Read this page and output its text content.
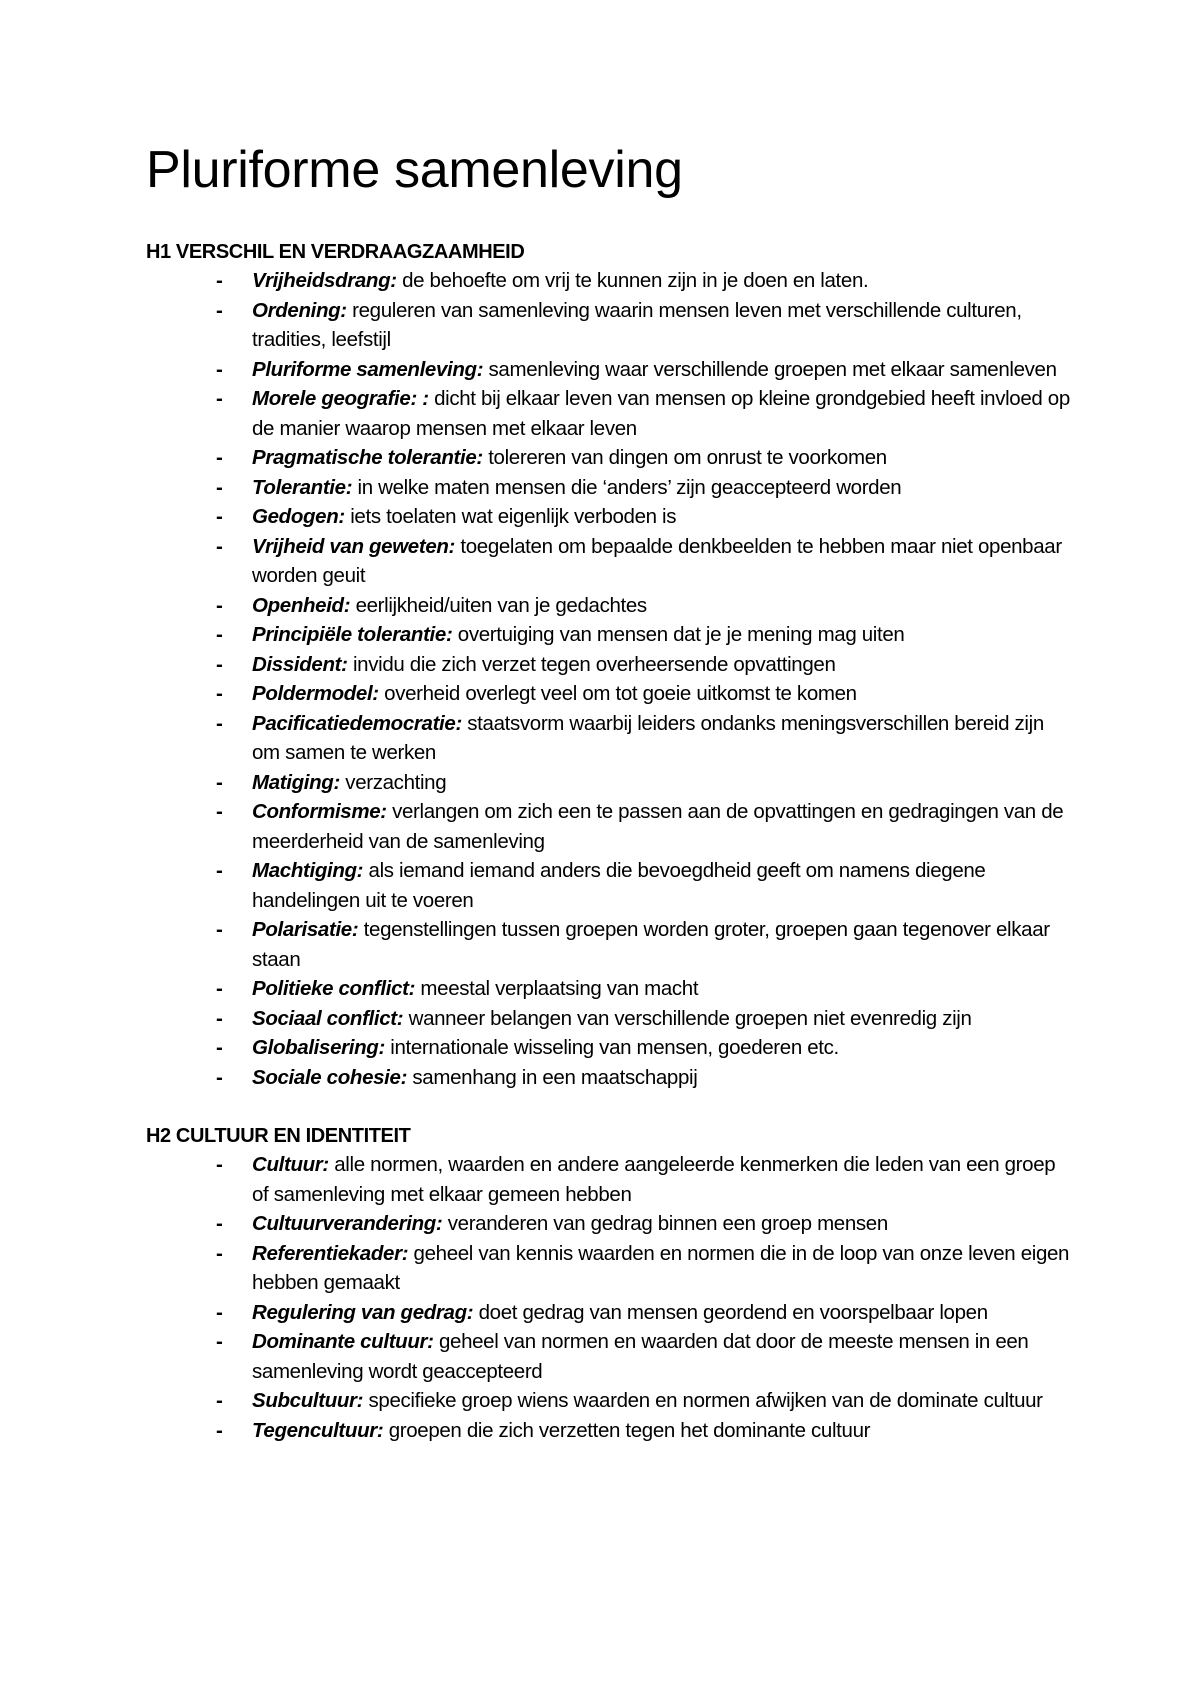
Pluriforme samenleving
H1 VERSCHIL EN VERDRAAGZAAMHEID
- Vrijheidsdrang: de behoefte om vrij te kunnen zijn in je doen en laten.
- Ordening: reguleren van samenleving waarin mensen leven met verschillende culturen, tradities, leefstijl
- Pluriforme samenleving: samenleving waar verschillende groepen met elkaar samenleven
- Morele geografie: : dicht bij elkaar leven van mensen op kleine grondgebied heeft invloed op de manier waarop mensen met elkaar leven
- Pragmatische tolerantie: tolereren van dingen om onrust te voorkomen
- Tolerantie: in welke maten mensen die ‘anders’ zijn geaccepteerd worden
- Gedogen: iets toelaten wat eigenlijk verboden is
- Vrijheid van geweten: toegelaten om bepaalde denkbeelden te hebben maar niet openbaar worden geuit
- Openheid: eerlijkheid/uiten van je gedachtes
- Principiële tolerantie: overtuiging van mensen dat je je mening mag uiten
- Dissident: invidu die zich verzet tegen overheersende opvattingen
- Poldermodel: overheid overlegt veel om tot goeie uitkomst te komen
- Pacificatiedemocratie: staatsvorm waarbij leiders ondanks meningsverschillen bereid zijn om samen te werken
- Matiging: verzachting
- Conformisme: verlangen om zich een te passen aan de opvattingen en gedragingen van de meerderheid van de samenleving
- Machtiging: als iemand iemand anders die bevoegdheid geeft om namens diegene handelingen uit te voeren
- Polarisatie: tegenstellingen tussen groepen worden groter, groepen gaan tegenover elkaar staan
- Politieke conflict: meestal verplaatsing van macht
- Sociaal conflict: wanneer belangen van verschillende groepen niet evenredig zijn
- Globalisering: internationale wisseling van mensen, goederen etc.
- Sociale cohesie: samenhang in een maatschappij
H2 CULTUUR EN IDENTITEIT
- Cultuur: alle normen, waarden en andere aangeleerde kenmerken die leden van een groep of samenleving met elkaar gemeen hebben
- Cultuurverandering: veranderen van gedrag binnen een groep mensen
- Referentiekader: geheel van kennis waarden en normen die in de loop van onze leven eigen hebben gemaakt
- Regulering van gedrag: doet gedrag van mensen geordend en voorspelbaar lopen
- Dominante cultuur: geheel van normen en waarden dat door de meeste mensen in een samenleving wordt geaccepteerd
- Subcultuur: specifieke groep wiens waarden en normen afwijken van de dominate cultuur
- Tegencultuur: groepen die zich verzetten tegen het dominante cultuur
